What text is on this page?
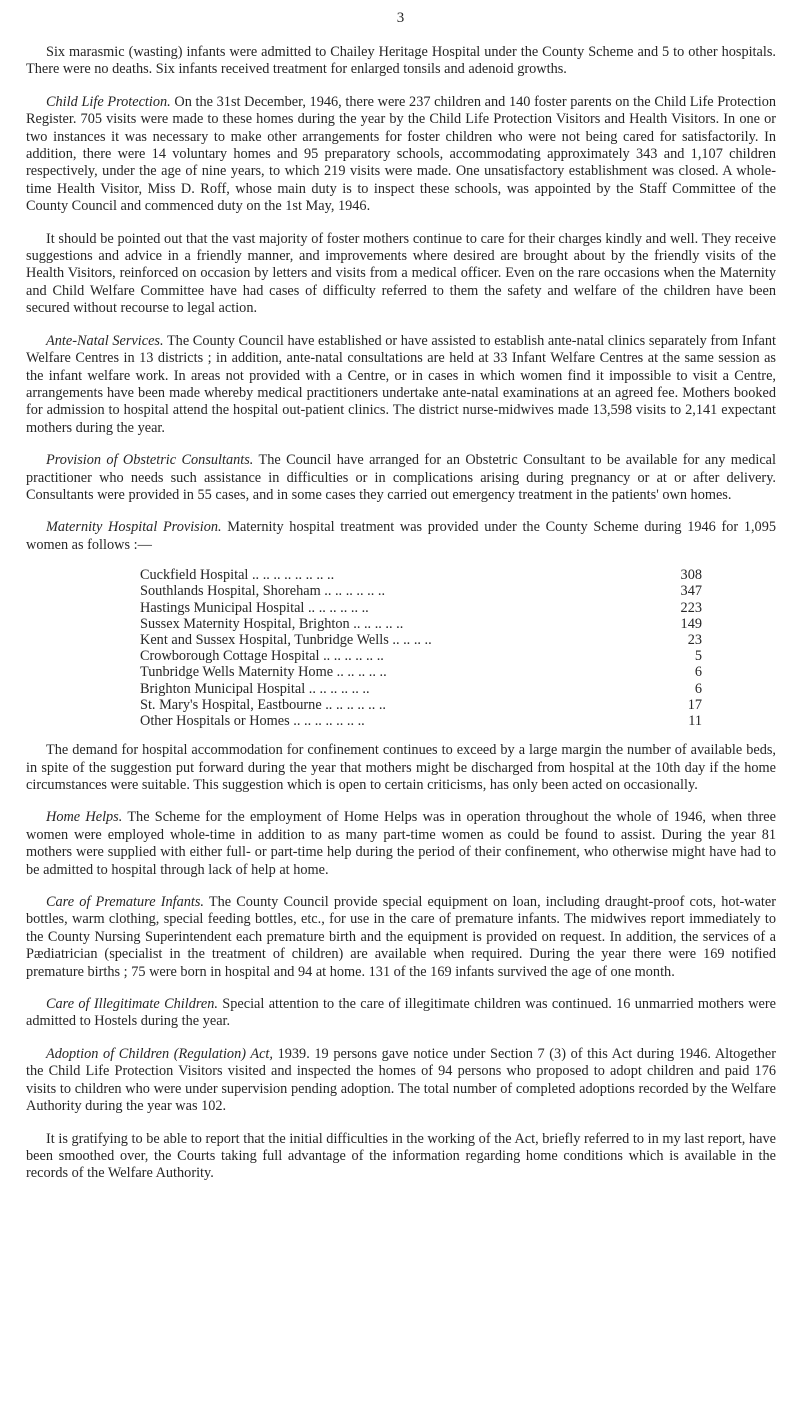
3

Six marasmic (wasting) infants were admitted to Chailey Heritage Hospital under the County Scheme and 5 to other hospitals. There were no deaths. Six infants received treatment for enlarged tonsils and adenoid growths.

Child Life Protection. On the 31st December, 1946, there were 237 children and 140 foster parents on the Child Life Protection Register. 705 visits were made to these homes during the year by the Child Life Protection Visitors and Health Visitors. In one or two instances it was necessary to make other arrangements for foster children who were not being cared for satisfactorily. In addition, there were 14 voluntary homes and 95 preparatory schools, accommodating approximately 343 and 1,107 children respectively, under the age of nine years, to which 219 visits were made. One unsatisfactory establishment was closed. A whole-time Health Visitor, Miss D. Roff, whose main duty is to inspect these schools, was appointed by the Staff Committee of the County Council and commenced duty on the 1st May, 1946.

It should be pointed out that the vast majority of foster mothers continue to care for their charges kindly and well. They receive suggestions and advice in a friendly manner, and improvements where desired are brought about by the friendly visits of the Health Visitors, reinforced on occasion by letters and visits from a medical officer. Even on the rare occasions when the Maternity and Child Welfare Committee have had cases of difficulty referred to them the safety and welfare of the children have been secured without recourse to legal action.

Ante-Natal Services. The County Council have established or have assisted to establish ante-natal clinics separately from Infant Welfare Centres in 13 districts ; in addition, ante-natal consultations are held at 33 Infant Welfare Centres at the same session as the infant welfare work. In areas not provided with a Centre, or in cases in which women find it impossible to visit a Centre, arrangements have been made whereby medical practitioners undertake ante-natal examinations at an agreed fee. Mothers booked for admission to hospital attend the hospital out-patient clinics. The district nurse-midwives made 13,598 visits to 2,141 expectant mothers during the year.

Provision of Obstetric Consultants. The Council have arranged for an Obstetric Consultant to be available for any medical practitioner who needs such assistance in difficulties or in complications arising during pregnancy or at or after delivery. Consultants were provided in 55 cases, and in some cases they carried out emergency treatment in the patients' own homes.

Maternity Hospital Provision. Maternity hospital treatment was provided under the County Scheme during 1946 for 1,095 women as follows :—

Cuckfield Hospital .. .. .. .. .. .. .. ..	308
Southlands Hospital, Shoreham .. .. .. .. .. ..	347
Hastings Municipal Hospital .. .. .. .. .. ..	223
Sussex Maternity Hospital, Brighton .. .. .. .. ..	149
Kent and Sussex Hospital, Tunbridge Wells .. .. .. ..	23
Crowborough Cottage Hospital .. .. .. .. .. ..	5
Tunbridge Wells Maternity Home .. .. .. .. ..	6
Brighton Municipal Hospital .. .. .. .. .. ..	6
St. Mary's Hospital, Eastbourne .. .. .. .. .. ..	17
Other Hospitals or Homes .. .. .. .. .. .. ..	11

The demand for hospital accommodation for confinement continues to exceed by a large margin the number of available beds, in spite of the suggestion put forward during the year that mothers might be discharged from hospital at the 10th day if the home circumstances were suitable. This suggestion which is open to certain criticisms, has only been acted on occasionally.

Home Helps. The Scheme for the employment of Home Helps was in operation throughout the whole of 1946, when three women were employed whole-time in addition to as many part-time women as could be found to assist. During the year 81 mothers were supplied with either full- or part-time help during the period of their confinement, who otherwise might have had to be admitted to hospital through lack of help at home.

Care of Premature Infants. The County Council provide special equipment on loan, including draught-proof cots, hot-water bottles, warm clothing, special feeding bottles, etc., for use in the care of premature infants. The midwives report immediately to the County Nursing Superintendent each premature birth and the equipment is provided on request. In addition, the services of a Pædiatrician (specialist in the treatment of children) are available when required. During the year there were 169 notified premature births ; 75 were born in hospital and 94 at home. 131 of the 169 infants survived the age of one month.

Care of Illegitimate Children. Special attention to the care of illegitimate children was continued. 16 unmarried mothers were admitted to Hostels during the year.

Adoption of Children (Regulation) Act, 1939. 19 persons gave notice under Section 7 (3) of this Act during 1946. Altogether the Child Life Protection Visitors visited and inspected the homes of 94 persons who proposed to adopt children and paid 176 visits to children who were under supervision pending adoption. The total number of completed adoptions recorded by the Welfare Authority during the year was 102.

It is gratifying to be able to report that the initial difficulties in the working of the Act, briefly referred to in my last report, have been smoothed over, the Courts taking full advantage of the information regarding home conditions which is available in the records of the Welfare Authority.
